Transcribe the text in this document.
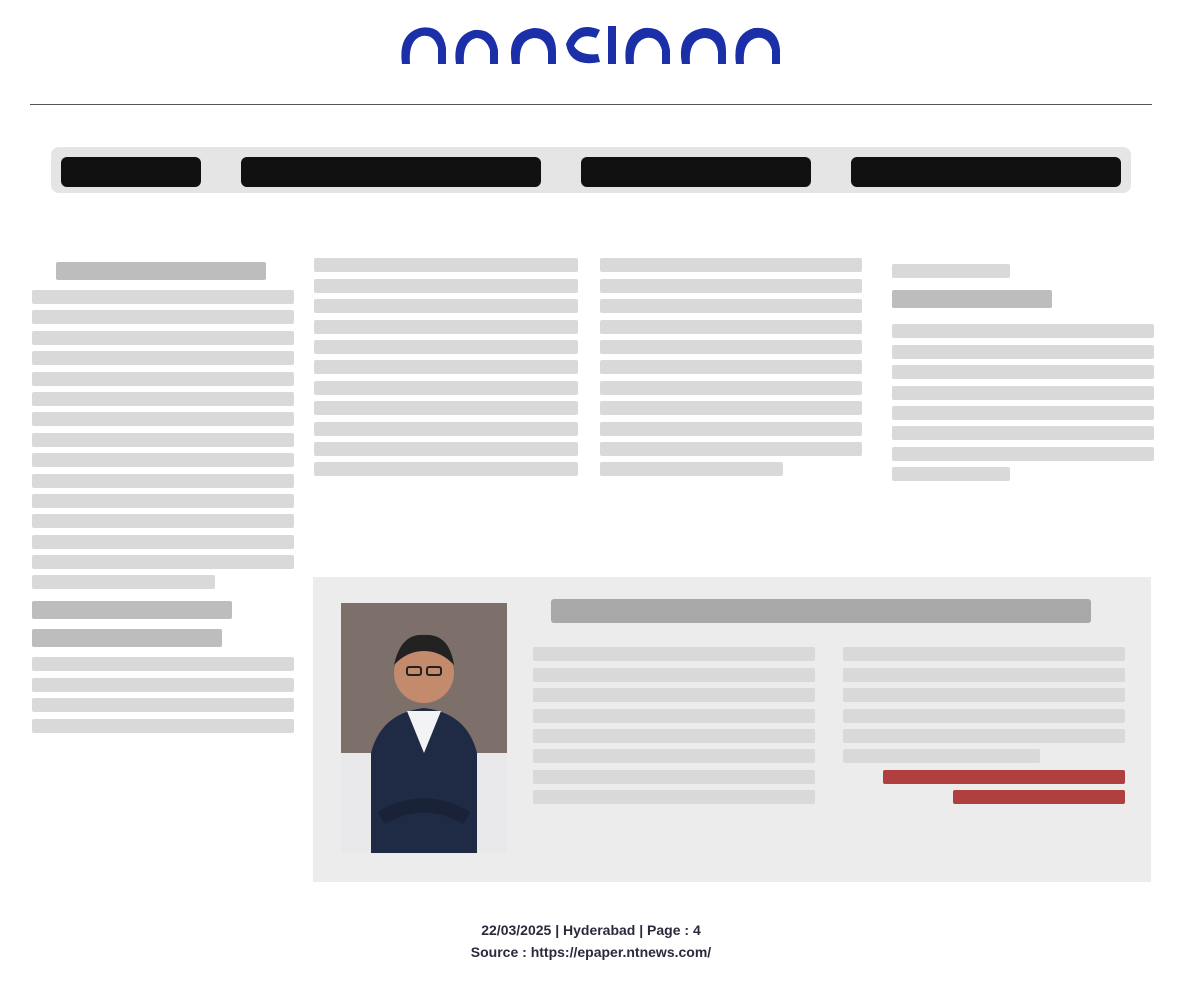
22/03/2025 | Hyderabad | Page : 4
Source : https://epaper.ntnews.com/
